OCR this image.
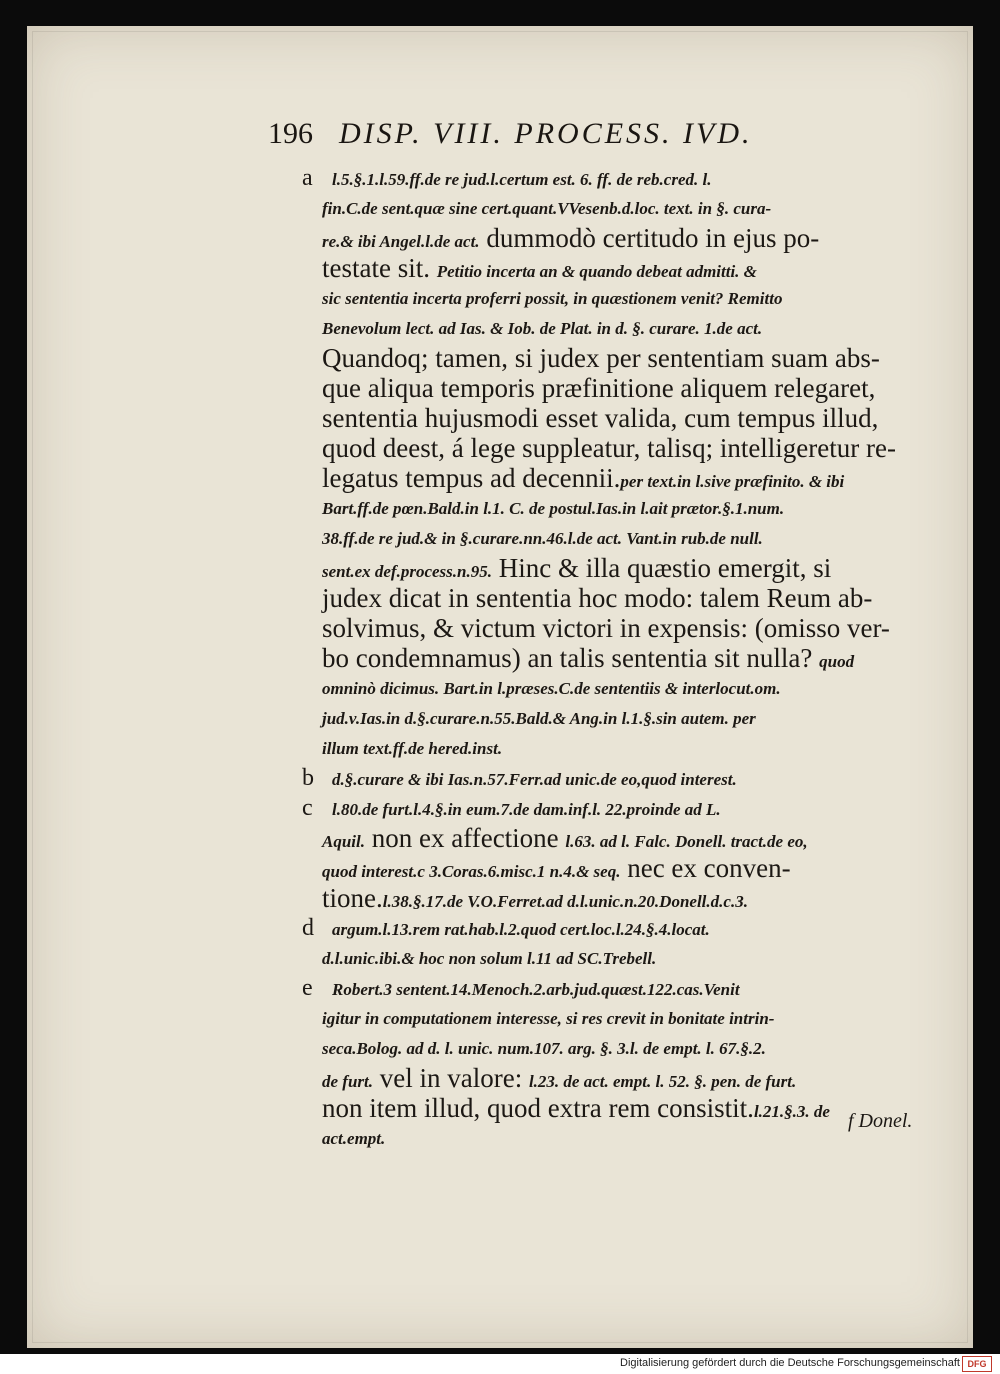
196 DISP. VIII. PROCESS. IVD.
a l.5.§.1.l.59.ff.de re jud.l.certum est. 6. ff. de reb.cred. l.
fin.C.de sent.quæ sine cert.quant.VVesenb.d.loc. text. in §. cura-
re.& ibi Angel.l.de act. dummodò certitudo in ejus po-
testate sit. Petitio incerta an & quando debeat admitti. &
sic sententia incerta proferri possit, in quæstionem venit? Remitto
Benevolum lect. ad Ias. & Iob. de Plat. in d. §. curare. 1.de act.
Quandoq; tamen, si judex per sententiam suam abs-
que aliqua temporis præfinitione aliquem relegaret,
sententia hujusmodi esset valida, cum tempus illud,
quod deest, á lege suppleatur, talisq; intelligeretur re-
legatus tempus ad decennii.per text.in l.sive præfinito. & ibi
Bart.ff.de pœn.Bald.in l.1. C. de postul.Ias.in l.ait prætor.§.1.num.
38.ff.de re jud.& in §.curare.nn.46.l.de act. Vant.in rub.de null.
sent.ex def.process.n.95. Hinc & illa quæstio emergit, si
judex dicat in sententia hoc modo: talem Reum ab-
solvimus, & victum victori in expensis: (omisso ver-
bo condemnamus) an talis sententia sit nulla? quod
omninò dicimus. Bart.in l.præses.C.de sententiis & interlocut.om.
jud.v.Ias.in d.§.curare.n.55.Bald.& Ang.in l.1.§.sin autem. per
illum text.ff.de hered.inst.
b d.§.curare & ibi Ias.n.57.Ferr.ad unic.de eo,quod interest.
c l.80.de furt.l.4.§.in eum.7.de dam.inf.l. 22.proinde ad L.
Aquil. non ex affectione l.63. ad l. Falc. Donell. tract.de eo,
quod interest.c 3.Coras.6.misc.1 n.4.& seq. nec ex conven-
tione.l.38.§.17.de V.O.Ferret.ad d.l.unic.n.20.Donell.d.c.3.
d argum.l.13.rem rat.hab.l.2.quod cert.loc.l.24.§.4.locat.
d.l.unic.ibi.& hoc non solum l.11 ad SC.Trebell.
e Robert.3 sentent.14.Menoch.2.arb.jud.quæst.122.cas.Venit
igitur in computationem interesse, si res crevit in bonitate intrin-
seca.Bolog. ad d. l. unic. num.107. arg. §. 3.l. de empt. l. 67.§.2.
de furt. vel in valore: l.23. de act. empt. l. 52. §. pen. de furt.
non item illud, quod extra rem consistit.l.21.§.3. de
act.empt.
f Donel.
Digitalisierung gefördert durch die Deutsche Forschungsgemeinschaft DFG
